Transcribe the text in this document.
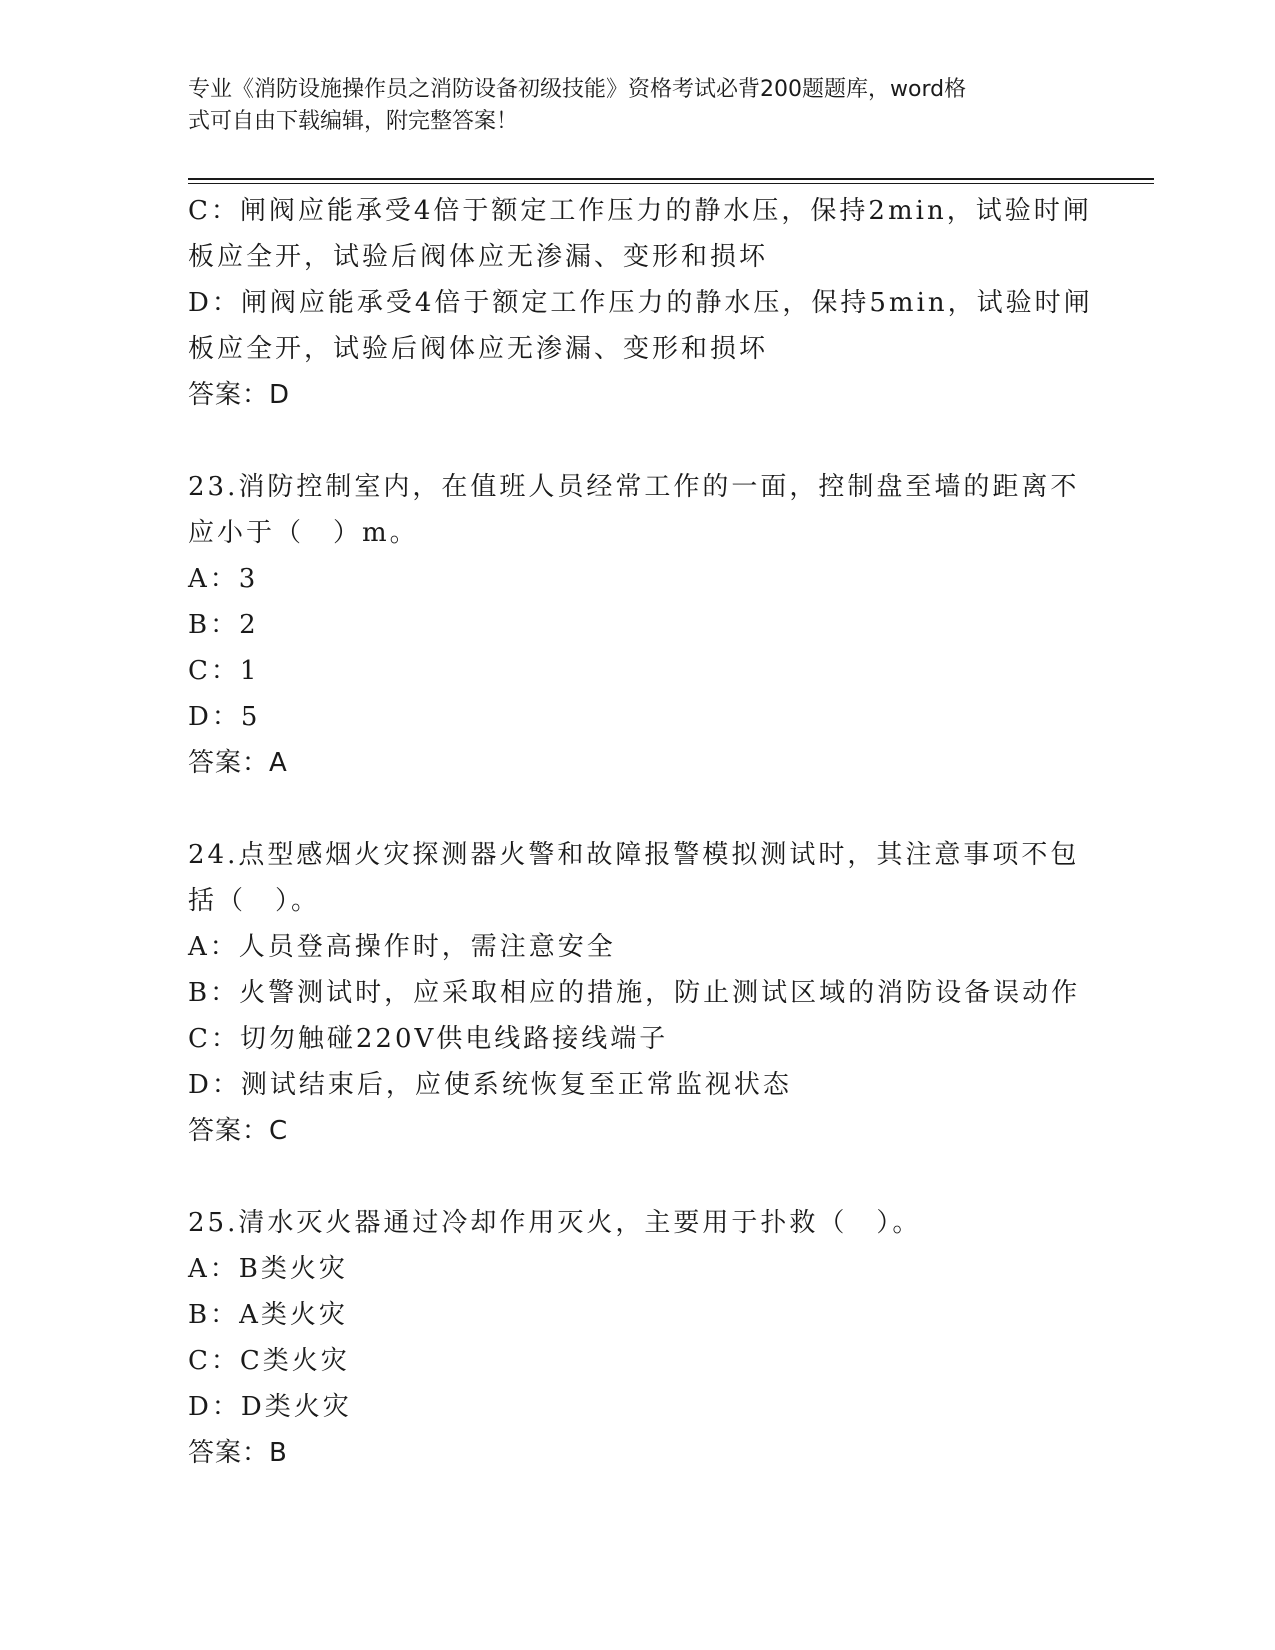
专业《消防设施操作员之消防设备初级技能》资格考试必背200题题库，word格
式可自由下载编辑，附完整答案！
C：闸阀应能承受4倍于额定工作压力的静水压，保持2min，试验时闸
板应全开，试验后阀体应无渗漏、变形和损坏
D：闸阀应能承受4倍于额定工作压力的静水压，保持5min，试验时闸
板应全开，试验后阀体应无渗漏、变形和损坏
答案：D
23.消防控制室内，在值班人员经常工作的一面，控制盘至墙的距离不
应小于（　）m。
A：3
B：2
C：1
D：5
答案：A
24.点型感烟火灾探测器火警和故障报警模拟测试时，其注意事项不包
括（　）。
A：人员登高操作时，需注意安全
B：火警测试时，应采取相应的措施，防止测试区域的消防设备误动作
C：切勿触碰220V供电线路接线端子
D：测试结束后，应使系统恢复至正常监视状态
答案：C
25.清水灭火器通过冷却作用灭火，主要用于扑救（　）。
A：B类火灾
B：A类火灾
C：C类火灾
D：D类火灾
答案：B
